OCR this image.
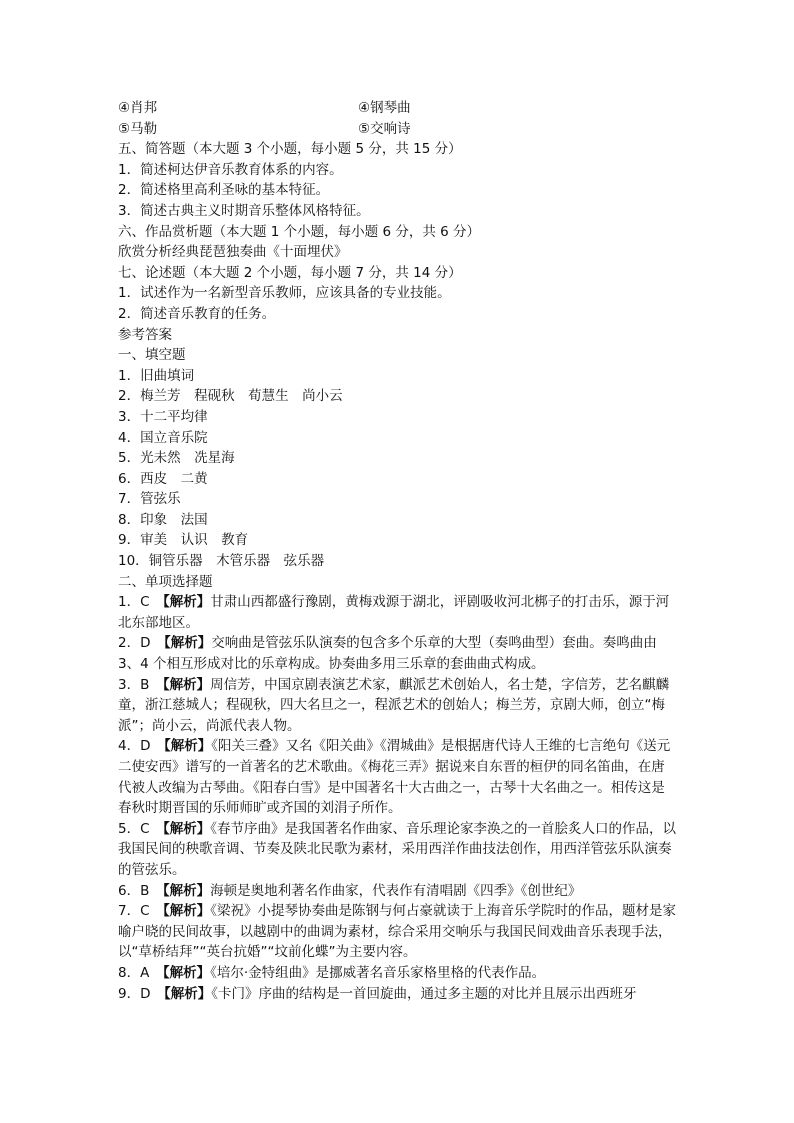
④肖邦	④钢琴曲
⑤马勒	⑤交响诗
五、简答题（本大题 3 个小题，每小题 5 分，共 15 分）
1．简述柯达伊音乐教育体系的内容。
2．简述格里高利圣咏的基本特征。
3．简述古典主义时期音乐整体风格特征。
六、作品赏析题（本大题 1 个小题，每小题 6 分，共 6 分）
欣赏分析经典琵琶独奏曲《十面埋伏》
七、论述题（本大题 2 个小题，每小题 7 分，共 14 分）
1．试述作为一名新型音乐教师，应该具备的专业技能。
2．简述音乐教育的任务。
参考答案
一、填空题
1．旧曲填词
2．梅兰芳　程砚秋　荀慧生　尚小云
3．十二平均律
4．国立音乐院
5．光未然　冼星海
6．西皮　二黄
7．管弦乐
8．印象　法国
9．审美　认识　教育
10．铜管乐器　木管乐器　弦乐器
二、单项选择题
1．C　【解析】甘肃山西都盛行豫剧，黄梅戏源于湖北，评剧吸收河北梆子的打击乐，源于河北东部地区。
2．D　【解析】交响曲是管弦乐队演奏的包含多个乐章的大型（奏鸣曲型）套曲。奏鸣曲由 3、4 个相互形成对比的乐章构成。协奏曲多用三乐章的套曲曲式构成。
3．B　【解析】周信芳，中国京剧表演艺术家，麒派艺术创始人，名士楚，字信芳，艺名麒麟童，浙江慈城人；程砚秋，四大名旦之一，程派艺术的创始人；梅兰芳，京剧大师，创立“梅派”；尚小云，尚派代表人物。
4．D　【解析】《阳关三叠》又名《阳关曲》《渭城曲》是根据唐代诗人王维的七言绝句《送元二使安西》谱写的一首著名的艺术歌曲。《梅花三弄》据说来自东晋的桓伊的同名笛曲，在唐代被人改编为古琴曲。《阳春白雪》是中国著名十大古曲之一，古琴十大名曲之一。相传这是春秋时期晋国的乐师师旷或齐国的刘涓子所作。
5．C　【解析】《春节序曲》是我国著名作曲家、音乐理论家李涣之的一首脍炙人口的作品，以我国民间的秧歌音调、节奏及陕北民歌为素材，采用西洋作曲技法创作，用西洋管弦乐队演奏的管弦乐。
6．B　【解析】海顿是奥地利著名作曲家，代表作有清唱剧《四季》《创世纪》
7．C　【解析】《梁祝》小提琴协奏曲是陈钢与何占豪就读于上海音乐学院时的作品，题材是家喻户晓的民间故事，以越剧中的曲调为素材，综合采用交响乐与我国民间戏曲音乐表现手法，以“草桥结拜”“英台抗婚”“坟前化蝶”为主要内容。
8．A　【解析】《培尔·金特组曲》是挪威著名音乐家格里格的代表作品。
9．D　【解析】《卡门》序曲的结构是一首回旋曲，通过多主题的对比并且展示出西班牙
